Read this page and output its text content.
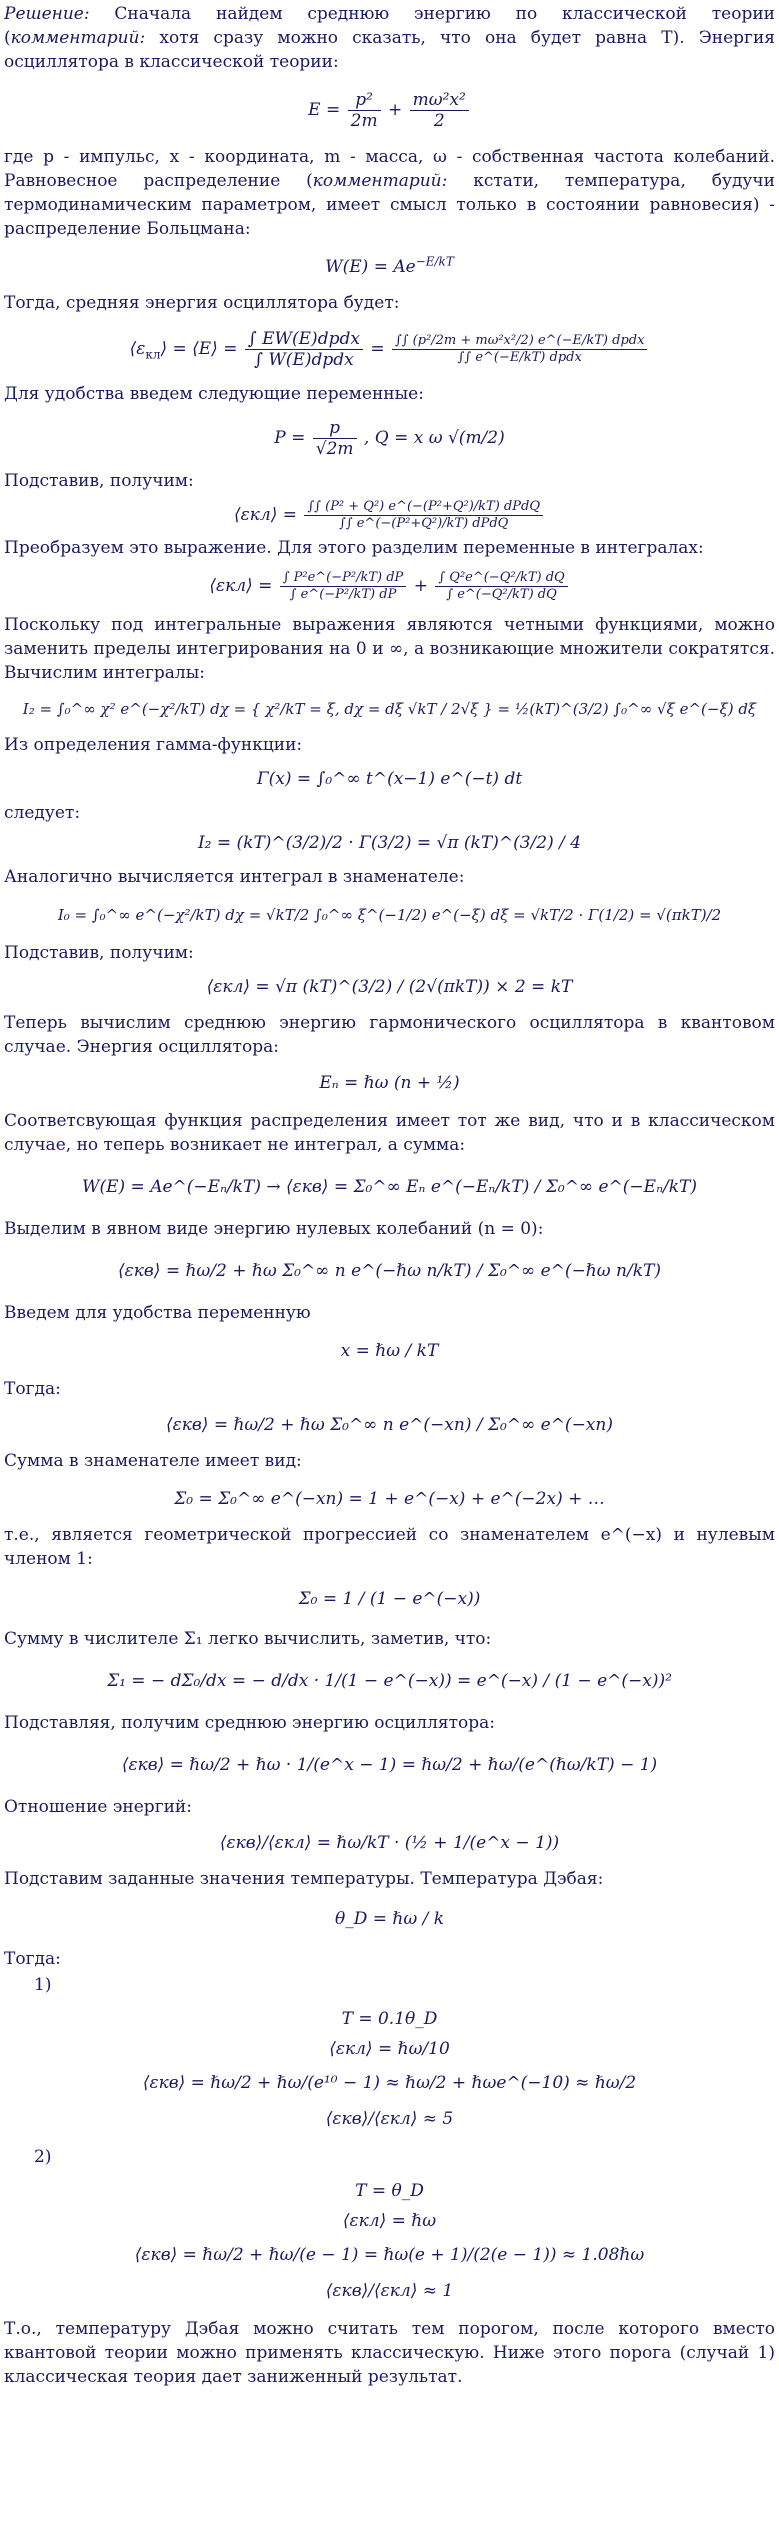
Решение: Сначала найдем среднюю энергию по классической теории (комментарий: хотя сразу можно сказать, что она будет равна T). Энергия осциллятора в классической теории:

$E = \frac{\text{p²}}{2m} + \frac{\text{mω²x²}}{2}$

где p - импульс, x - координата, m - масса, ω - собственная частота колебаний. Равновесное распределение (комментарий: кстати, температура, будучи термодинамическим параметром, имеет смысл только в состоянии равновесия) - распределение Больцмана:

$W(E) = Ae^{-E/kT}$

Тогда, средняя энергия осциллятора будет:

$⟨\varepsilon_{кл}⟩$ = ⟨E⟩ = $\frac{\text{∫ EW(E)dpdx}}{\text{∫ W(E)dpdx}} = \frac{\text{∫∫ (p²/2m + mω²x²/2) e\textasciicircum{}(−E/kT) dpdx}}{\text{∫∫ e\textasciicircum{}(−E/kT) dpdx}}$

Для удобства введем следующие переменные:

$P = \frac{p}{√2m}$ , Q = x ω √(m/2)

Подставив, получим:

⟨εкл⟩ = $\frac{\text{∫∫ (P² + Q²) e\textasciicircum{}(−(P²+Q²)/kT) dPdQ}}{\text{∫∫ e\textasciicircum{}(−(P²+Q²)/kT) dPdQ}}$

Преобразуем это выражение. Для этого разделим переменные в интегралах:

⟨εкл⟩ = $\frac{\text{∫ P²e\textasciicircum{}(−P²/kT) dP}}{\text{∫ e\textasciicircum{}(−P²/kT) dP}} + \frac{\text{∫ Q²e\textasciicircum{}(−Q²/kT) dQ}}{\text{∫ e\textasciicircum{}(−Q²/kT) dQ}}$

Поскольку под интегральные выражения являются четными функциями, можно заменить пределы интегрирования на 0 и ∞, а возникающие множители сократятся. Вычислим интегралы:

I₂ = ∫₀^∞ χ² e^(−χ²/kT) dχ = { χ²/kT = ξ, dχ = dξ √kT / 2√ξ } = ½(kT)^(3/2) ∫₀^∞ √ξ e^(−ξ) dξ

Из определения гамма-функции:

Γ(x) = ∫₀^∞ t^(x−1) e^(−t) dt

следует:

I₂ = (kT)^(3/2)/2 · Γ(3/2) = √π (kT)^(3/2) / 4

Аналогично вычисляется интеграл в знаменателе:

I₀ = ∫₀^∞ e^(−χ²/kT) dχ = √kT/2 ∫₀^∞ ξ^(−1/2) e^(−ξ) dξ = √kT/2 · Γ(1/2) = √(πkT)/2

Подставив, получим:

⟨εкл⟩ = √π (kT)^(3/2) / (2√(πkT)) × 2 = kT

Теперь вычислим среднюю энергию гармонического осциллятора в квантовом случае. Энергия осциллятора:

Eₙ = ℏω (n + ½)

Соответсвующая функция распределения имеет тот же вид, что и в классическом случае, но теперь возникает не интеграл, а сумма:

W(E) = Ae^(−Eₙ/kT) → ⟨εкв⟩ = Σ₀^∞ Eₙ e^(−Eₙ/kT) / Σ₀^∞ e^(−Eₙ/kT)

Выделим в явном виде энергию нулевых колебаний (n = 0):

⟨εкв⟩ = ℏω/2 + ℏω Σ₀^∞ n e^(−ℏω n/kT) / Σ₀^∞ e^(−ℏω n/kT)

Введем для удобства переменную

x = ℏω / kT

Тогда:

⟨εкв⟩ = ℏω/2 + ℏω Σ₀^∞ n e^(−xn) / Σ₀^∞ e^(−xn)

Сумма в знаменателе имеет вид:

Σ₀ = Σ₀^∞ e^(−xn) = 1 + e^(−x) + e^(−2x) + …

т.е., является геометрической прогрессией со знаменателем e^(−x) и нулевым членом 1:

Σ₀ = 1 / (1 − e^(−x))

Сумму в числителе Σ₁ легко вычислить, заметив, что:

Σ₁ = − dΣ₀/dx = − d/dx · 1/(1 − e^(−x)) = e^(−x) / (1 − e^(−x))²

Подставляя, получим среднюю энергию осциллятора:

⟨εкв⟩ = ℏω/2 + ℏω · 1/(e^x − 1) = ℏω/2 + ℏω/(e^(ℏω/kT) − 1)

Отношение энергий:

⟨εкв⟩/⟨εкл⟩ = ℏω/kT · (½ + 1/(e^x − 1))

Подставим заданные значения температуры. Температура Дэбая:

θ_D = ℏω / k

Тогда:

1)

T = 0.1θ_D
⟨εкл⟩ = ℏω/10
⟨εкв⟩ = ℏω/2 + ℏω/(e¹⁰ − 1) ≈ ℏω/2 + ℏωe^(−10) ≈ ℏω/2
⟨εкв⟩/⟨εкл⟩ ≈ 5

2)

T = θ_D
⟨εкл⟩ = ℏω
⟨εкв⟩ = ℏω/2 + ℏω/(e − 1) = ℏω(e + 1)/(2(e − 1)) ≈ 1.08ℏω
⟨εкв⟩/⟨εкл⟩ ≈ 1

Т.о., температуру Дэбая можно считать тем порогом, после которого вместо квантовой теории можно применять классическую. Ниже этого порога (случай 1) классическая теория дает заниженный результат.
